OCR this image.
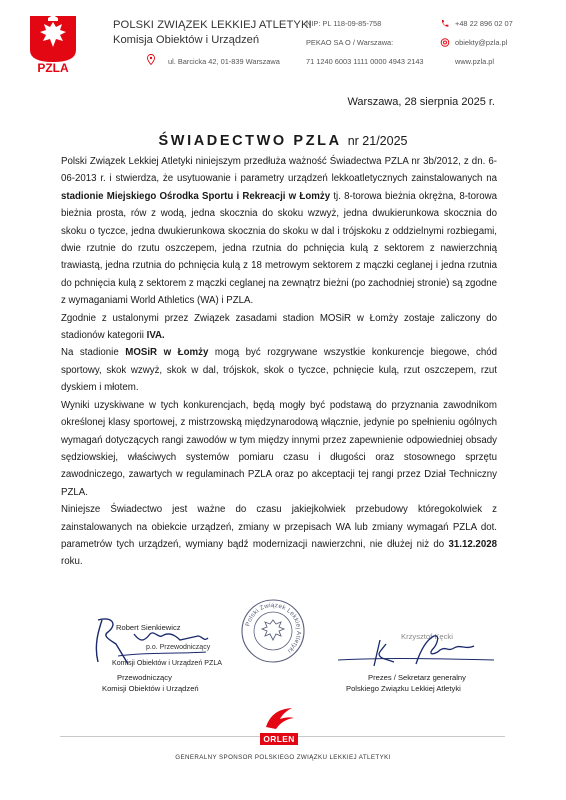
PZLA
POLSKI ZWIĄZEK LEKKIEJ ATLETYKI
Komisja Obiektów i Urządzeń
ul. Barcicka 42, 01-839 Warszawa
NIP: PL 118-09-85-758
PEKAO SA O / Warszawa:
71 1240 6003 1111 0000 4943 2143
+48 22 896 02 07
obiekty@pzla.pl
www.pzla.pl
Warszawa, 28 sierpnia 2025 r.
ŚWIADECTWO PZLA nr 21/2025

Polski Związek Lekkiej Atletyki niniejszym przedłuża ważność Świadectwa PZLA nr 3b/2012, z dn. 6-06-2013 r. i stwierdza, że usytuowanie i parametry urządzeń lekkoatletycznych zainstalowanych na stadionie Miejskiego Ośrodka Sportu i Rekreacji w Łomży tj. 8-torowa bieżnia okrężna, 8-torowa bieżnia prosta, rów z wodą, jedna skocznia do skoku wzwyż, jedna dwukierunkowa skocznia do skoku o tyczce, jedna dwukierunkowa skocznia do skoku w dal i trójskoku z oddzielnymi rozbiegami, dwie rzutnie do rzutu oszczepem, jedna rzutnia do pchnięcia kulą z sektorem z nawierzchnią trawiastą, jedna rzutnia do pchnięcia kulą z 18 metrowym sektorem z mączki ceglanej i jedna rzutnia do pchnięcia kulą z sektorem z mączki ceglanej na zewnątrz bieżni (po zachodniej stronie) są zgodne z wymaganiami World Athletics (WA) i PZLA.

Zgodnie z ustalonymi przez Związek zasadami stadion MOSiR w Łomży zostaje zaliczony do stadionów kategorii IVA.

Na stadionie MOSiR w Łomży mogą być rozgrywane wszystkie konkurencje biegowe, chód sportowy, skok wzwyż, skok w dal, trójskok, skok o tyczce, pchnięcie kulą, rzut oszczepem, rzut dyskiem i młotem.

Wyniki uzyskiwane w tych konkurencjach, będą mogły być podstawą do przyznania zawodnikom określonej klasy sportowej, z mistrzowską międzynarodową włącznie, jedynie po spełnieniu ogólnych wymagań dotyczących rangi zawodów w tym między innymi przez zapewnienie odpowiedniej obsady sędziowskiej, właściwych systemów pomiaru czasu i długości oraz stosownego sprzętu zawodniczego, zawartych w regulaminach PZLA oraz po akceptacji tej rangi przez Dział Techniczny PZLA.

Niniejsze Świadectwo jest ważne do czasu jakiejkolwiek przebudowy któregokolwiek z zainstalowanych na obiekcie urządzeń, zmiany w przepisach WA lub zmiany wymagań PZLA dot. parametrów tych urządzeń, wymiany bądź modernizacji nawierzchni, nie dłużej niż do 31.12.2028 roku.

Robert Sienkiewicz
p.o. Przewodniczący
Komisji Obiektów i Urządzeń PZLA
Przewodniczący
Komisji Obiektów i Urządzeń
Polski Związek Lekkiej Atletyki
Krzysztof Kęcki
Prezes / Sekretarz generalny
Polskiego Związku Lekkiej Atletyki
ORLEN
GENERALNY SPONSOR POLSKIEGO ZWIĄZKU LEKKIEJ ATLETYKI
